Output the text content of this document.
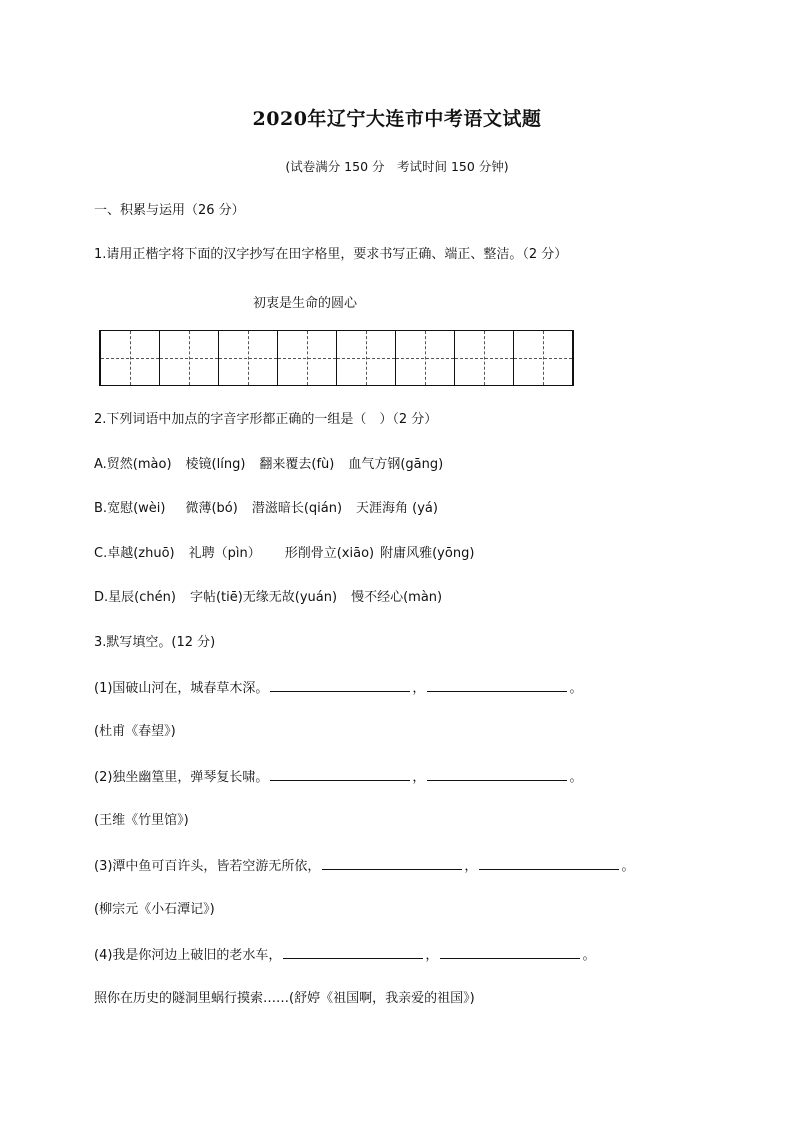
2020年辽宁大连市中考语文试题
(试卷满分 150 分　考试时间 150 分钟)
一、积累与运用（26 分）
1.请用正楷字将下面的汉字抄写在田字格里，要求书写正确、端正、整洁。（2 分）
初衷是生命的圆心
2.下列词语中加点的字音字形都正确的一组是（　）（2 分）
A.贸然(mào) 棱镜(líng) 翻来覆去(fù) 血气方钢(gāng)
B.宽慰(wèi) 微薄(bó) 潜滋暗长(qián) 天涯海角 (yá)
C.卓越(zhuō) 礼聘（pìn） 形削骨立(xiāo) 附庸风雅(yōng)
D.星辰(chén) 字帖(tiē)无缘无故(yuán) 慢不经心(màn)
3.默写填空。(12 分)
(1)国破山河在，城春草木深。	，	。
(杜甫《春望》)
(2)独坐幽篁里，弹琴复长啸。	，	。
(王维《竹里馆》)
(3)潭中鱼可百许头，皆若空游无所依，	，	。
(柳宗元《小石潭记》)
(4)我是你河边上破旧的老水车，	，	。
照你在历史的隧洞里蜗行摸索……(舒婷《祖国啊，我亲爱的祖国》)
